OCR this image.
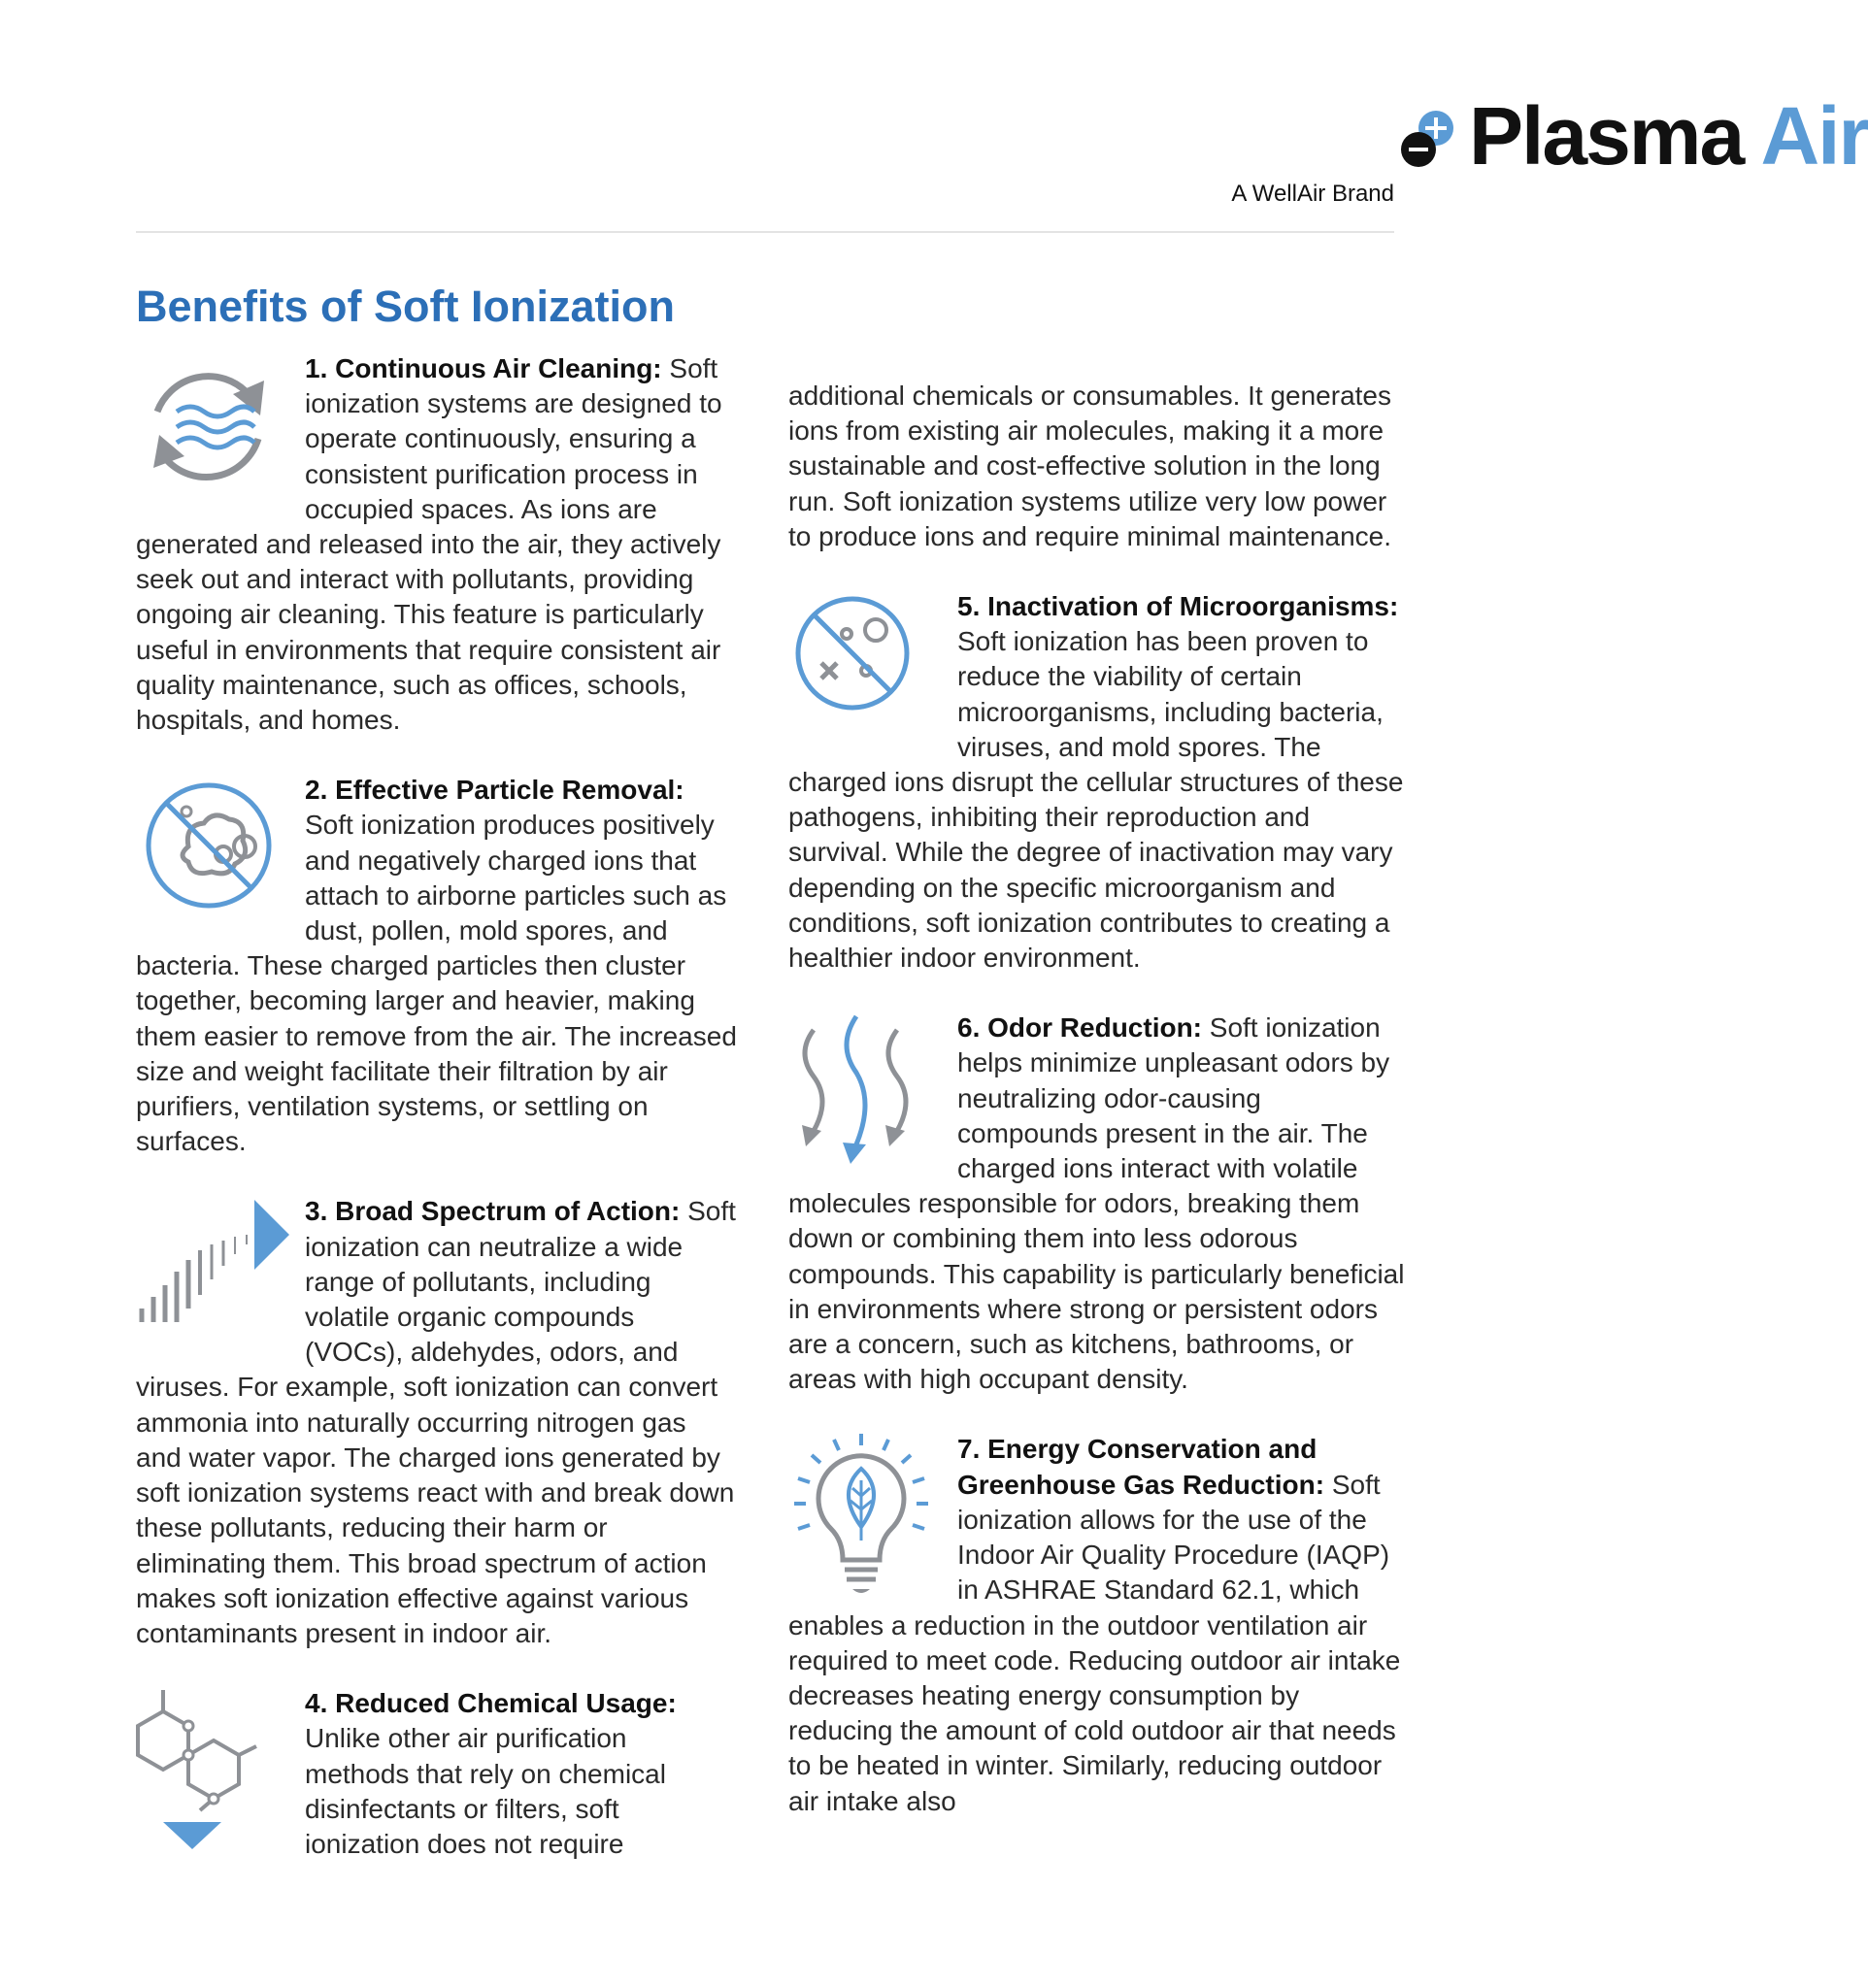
Plasma Air
A WellAir Brand
Benefits of Soft Ionization

1. Continuous Air Cleaning: Soft ionization systems are designed to operate continuously, ensuring a consistent purification process in occupied spaces. As ions are generated and released into the air, they actively seek out and interact with pollutants, providing ongoing air cleaning. This feature is particularly useful in environments that require consistent air quality maintenance, such as offices, schools, hospitals, and homes.

2. Effective Particle Removal: Soft ionization produces positively and negatively charged ions that attach to airborne particles such as dust, pollen, mold spores, and bacteria. These charged particles then cluster together, becoming larger and heavier, making them easier to remove from the air. The increased size and weight facilitate their filtration by air purifiers, ventilation systems, or settling on surfaces.

3. Broad Spectrum of Action: Soft ionization can neutralize a wide range of pollutants, including volatile organic compounds (VOCs), aldehydes, odors, and viruses. For example, soft ionization can convert ammonia into naturally occurring nitrogen gas and water vapor. The charged ions generated by soft ionization systems react with and break down these pollutants, reducing their harm or eliminating them. This broad spectrum of action makes soft ionization effective against various contaminants present in indoor air.

4. Reduced Chemical Usage: Unlike other air purification methods that rely on chemical disinfectants or filters, soft ionization does not require

additional chemicals or consumables. It generates ions from existing air molecules, making it a more sustainable and cost-effective solution in the long run. Soft ionization systems utilize very low power to produce ions and require minimal maintenance.

5. Inactivation of Microorganisms: Soft ionization has been proven to reduce the viability of certain microorganisms, including bacteria, viruses, and mold spores. The charged ions disrupt the cellular structures of these pathogens, inhibiting their reproduction and survival. While the degree of inactivation may vary depending on the specific microorganism and conditions, soft ionization contributes to creating a healthier indoor environment.

6. Odor Reduction: Soft ionization helps minimize unpleasant odors by neutralizing odor-causing compounds present in the air. The charged ions interact with volatile molecules responsible for odors, breaking them down or combining them into less odorous compounds. This capability is particularly beneficial in environments where strong or persistent odors are a concern, such as kitchens, bathrooms, or areas with high occupant density.

7. Energy Conservation and Greenhouse Gas Reduction: Soft ionization allows for the use of the Indoor Air Quality Procedure (IAQP) in ASHRAE Standard 62.1, which enables a reduction in the outdoor ventilation air required to meet code. Reducing outdoor air intake decreases heating energy consumption by reducing the amount of cold outdoor air that needs to be heated in winter. Similarly, reducing outdoor air intake also
